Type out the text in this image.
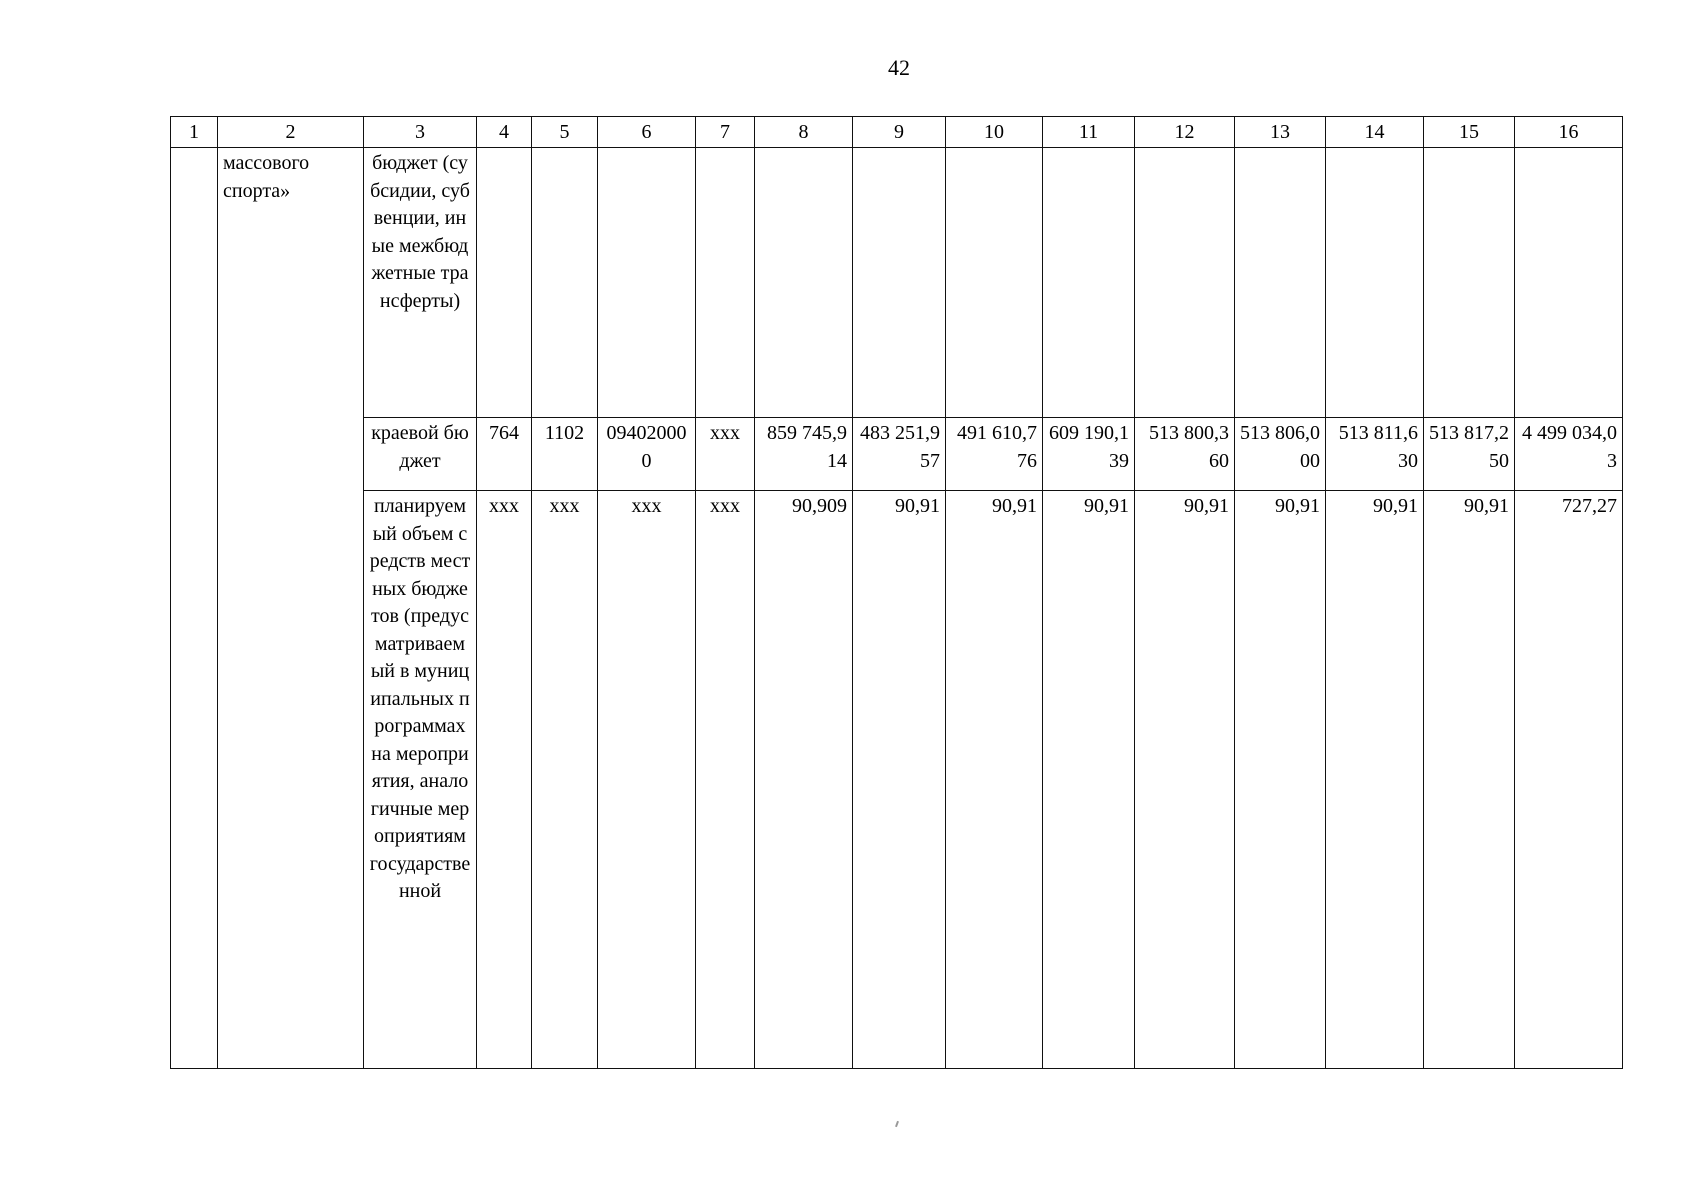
42
1	2	3	4	5	6	7	8	9	10	11	12	13	14	15	16
	массового спорта»	бюджет (субсидии, субвенции, иные межбюджетные трансферты)													
		краевой бюджет	764	1102	094020000	ххх	859 745,914	483 251,957	491 610,776	609 190,139	513 800,360	513 806,000	513 811,630	513 817,250	4 499 034,03
		планируемый объем средств местных бюджетов (предусматриваемый в муниципальных программах на мероприятия, аналогичные мероприятиям государственной	ххх	ххх	ххх	ххх	90,909	90,91	90,91	90,91	90,91	90,91	90,91	90,91	727,27
